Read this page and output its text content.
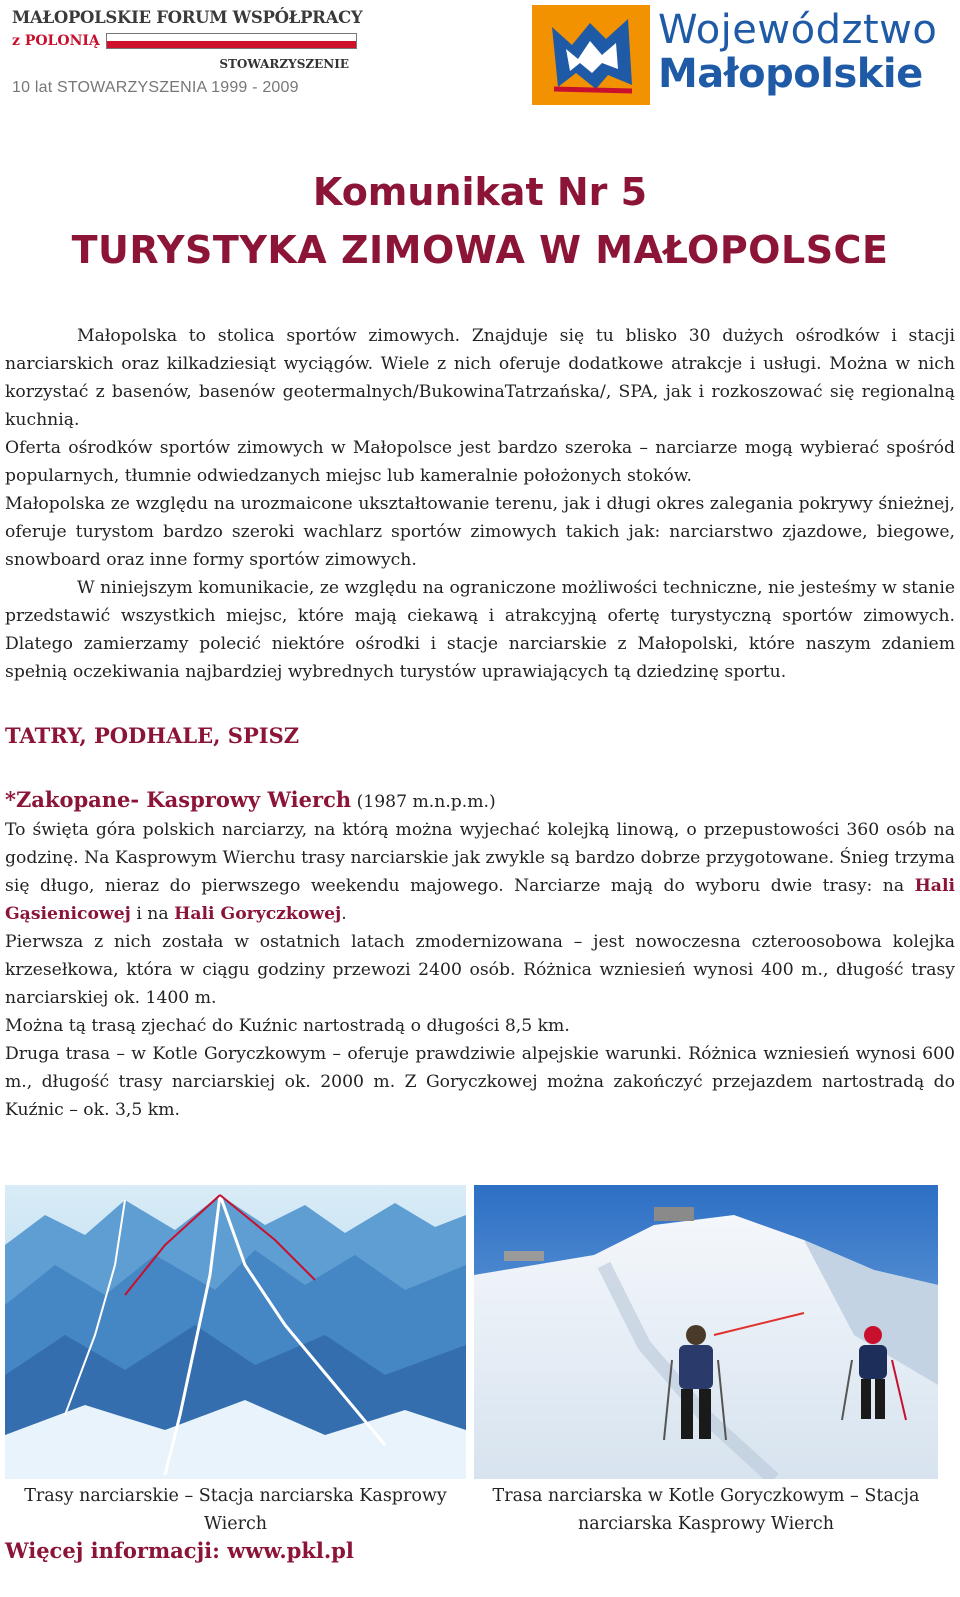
MAŁOPOLSKIE FORUM WSPÓŁPRACY
z POLONIĄ
STOWARZYSZENIE
10 lat STOWARZYSZENIA 1999 - 2009
Województwo
Małopolskie
Komunikat Nr 5
TURYSTYKA ZIMOWA W MAŁOPOLSCE

Małopolska to stolica sportów zimowych. Znajduje się tu blisko 30 dużych ośrodków i stacji narciarskich oraz kilkadziesiąt wyciągów. Wiele z nich oferuje dodatkowe atrakcje i usługi. Można w nich korzystać z basenów, basenów geotermalnych/BukowinaTatrzańska/, SPA, jak i rozkoszować się regionalną kuchnią.

Oferta ośrodków sportów zimowych w Małopolsce jest bardzo szeroka – narciarze mogą wybierać spośród popularnych, tłumnie odwiedzanych miejsc lub kameralnie położonych stoków.

Małopolska ze względu na urozmaicone ukształtowanie terenu, jak i długi okres zalegania pokrywy śnieżnej, oferuje turystom bardzo szeroki wachlarz sportów zimowych takich jak: narciarstwo zjazdowe, biegowe, snowboard oraz inne formy sportów zimowych.

W niniejszym komunikacie, ze względu na ograniczone możliwości techniczne, nie jesteśmy w stanie przedstawić wszystkich miejsc, które mają ciekawą i atrakcyjną ofertę turystyczną sportów zimowych. Dlatego zamierzamy polecić niektóre ośrodki i stacje narciarskie z Małopolski, które naszym zdaniem spełnią oczekiwania najbardziej wybrednych turystów uprawiających tą dziedzinę sportu.

TATRY, PODHALE, SPISZ

*Zakopane- Kasprowy Wierch (1987 m.n.p.m.)

To święta góra polskich narciarzy, na którą można wyjechać kolejką linową, o przepustowości 360 osób na godzinę. Na Kasprowym Wierchu trasy narciarskie jak zwykle są bardzo dobrze przygotowane. Śnieg trzyma się długo, nieraz do pierwszego weekendu majowego. Narciarze mają do wyboru dwie trasy: na Hali Gąsienicowej i na Hali Goryczkowej.

Pierwsza z nich została w ostatnich latach zmodernizowana – jest nowoczesna czteroosobowa kolejka krzesełkowa, która w ciągu godziny przewozi 2400 osób. Różnica wzniesień wynosi 400 m., długość trasy narciarskiej ok. 1400 m.

Można tą trasą zjechać do Kuźnic nartostradą o długości 8,5 km.

Druga trasa – w Kotle Goryczkowym – oferuje prawdziwie alpejskie warunki. Różnica wzniesień wynosi 600 m., długość trasy narciarskiej ok. 2000 m. Z Goryczkowej można zakończyć przejazdem nartostradą do Kuźnic – ok. 3,5 km.

Trasy narciarskie – Stacja narciarska Kasprowy Wierch
Trasa narciarska w Kotle Goryczkowym – Stacja narciarska Kasprowy Wierch
Więcej informacji: www.pkl.pl
